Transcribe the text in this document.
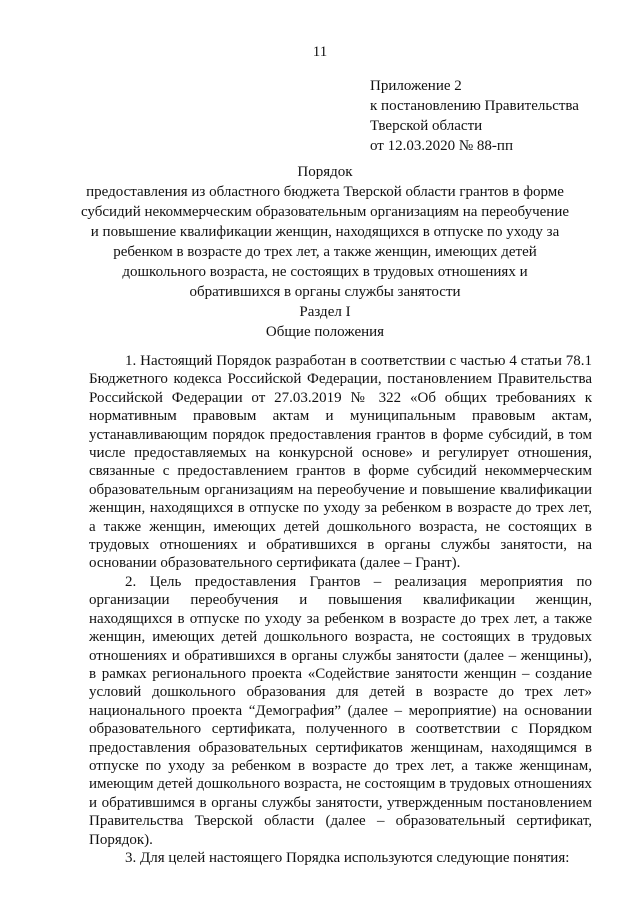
11
Приложение 2
к постановлению Правительства
Тверской области
от 12.03.2020 № 88-пп
Порядок
предоставления из областного бюджета Тверской области грантов в форме
субсидий некоммерческим образовательным организациям на переобучение
и повышение квалификации женщин, находящихся в отпуске по уходу за
ребенком в возрасте до трех лет, а также женщин, имеющих детей
дошкольного возраста, не состоящих в трудовых отношениях и
обратившихся в органы службы занятости
Раздел I
Общие положения

1. Настоящий Порядок разработан в соответствии с частью 4 статьи 78.1 Бюджетного кодекса Российской Федерации, постановлением Правительства Российской Федерации от 27.03.2019 № 322 «Об общих требованиях к нормативным правовым актам и муниципальным правовым актам, устанавливающим порядок предоставления грантов в форме субсидий, в том числе предоставляемых на конкурсной основе» и регулирует отношения, связанные с предоставлением грантов в форме субсидий некоммерческим образовательным организациям на переобучение и повышение квалификации женщин, находящихся в отпуске по уходу за ребенком в возрасте до трех лет, а также женщин, имеющих детей дошкольного возраста, не состоящих в трудовых отношениях и обратившихся в органы службы занятости, на основании образовательного сертификата (далее – Грант).

2. Цель предоставления Грантов – реализация мероприятия по организации переобучения и повышения квалификации женщин, находящихся в отпуске по уходу за ребенком в возрасте до трех лет, а также женщин, имеющих детей дошкольного возраста, не состоящих в трудовых отношениях и обратившихся в органы службы занятости (далее – женщины), в рамках регионального проекта «Содействие занятости женщин – создание условий дошкольного образования для детей в возрасте до трех лет» национального проекта “Демография” (далее – мероприятие) на основании образовательного сертификата, полученного в соответствии с Порядком предоставления образовательных сертификатов женщинам, находящимся в отпуске по уходу за ребенком в возрасте до трех лет, а также женщинам, имеющим детей дошкольного возраста, не состоящим в трудовых отношениях и обратившимся в органы службы занятости, утвержденным постановлением Правительства Тверской области (далее – образовательный сертификат, Порядок).

3. Для целей настоящего Порядка используются следующие понятия:
